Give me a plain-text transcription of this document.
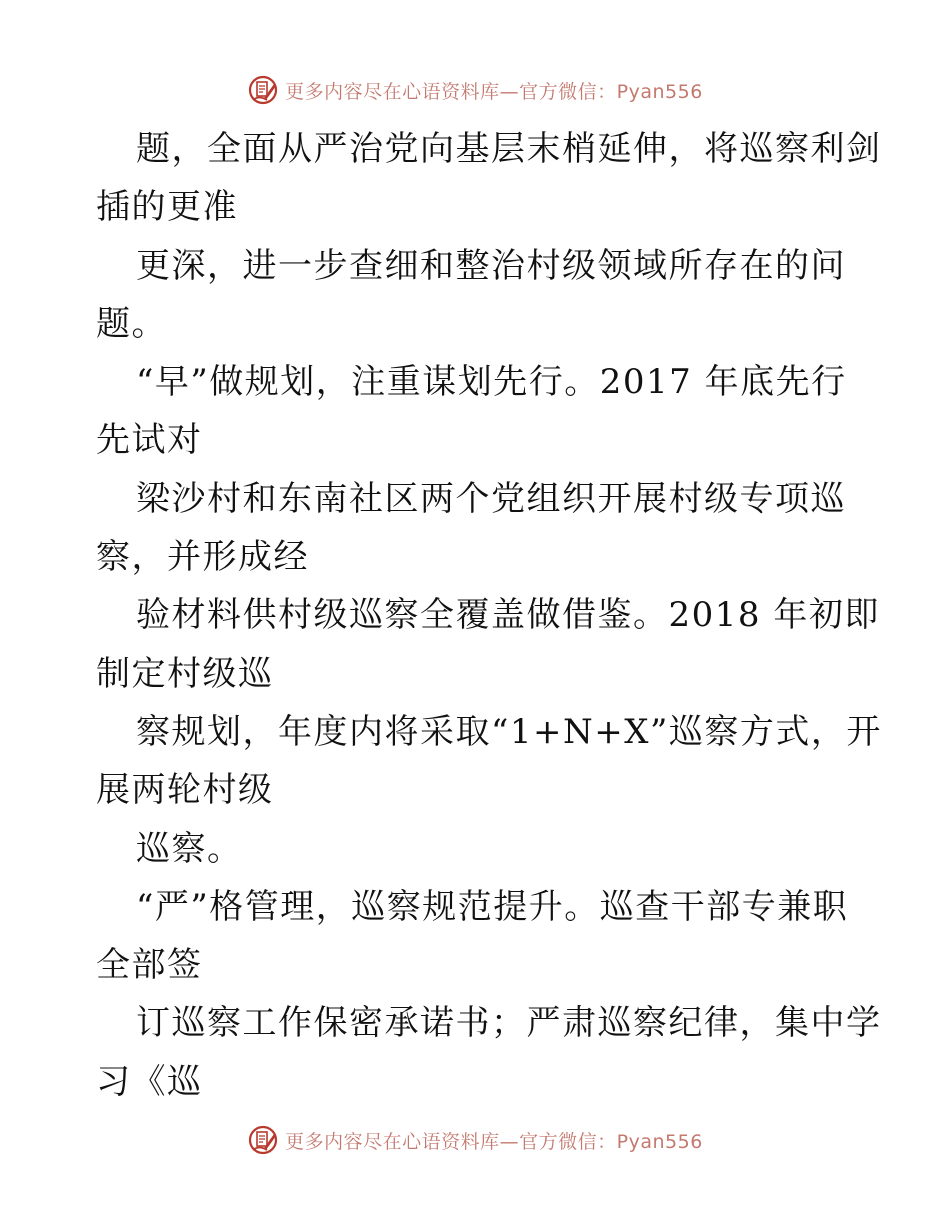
更多内容尽在心语资料库—官方微信：Pyan556
题，全面从严治党向基层末梢延伸，将巡察利剑
插的更准
更深，进一步查细和整治村级领域所存在的问
题。
“早”做规划，注重谋划先行。2017 年底先行
先试对
梁沙村和东南社区两个党组织开展村级专项巡
察，并形成经
验材料供村级巡察全覆盖做借鉴。2018 年初即
制定村级巡
察规划，年度内将采取“1+N+X”巡察方式，开
展两轮村级
巡察。
“严”格管理，巡察规范提升。巡查干部专兼职
全部签
订巡察工作保密承诺书；严肃巡察纪律，集中学
习《巡
更多内容尽在心语资料库—官方微信：Pyan556
